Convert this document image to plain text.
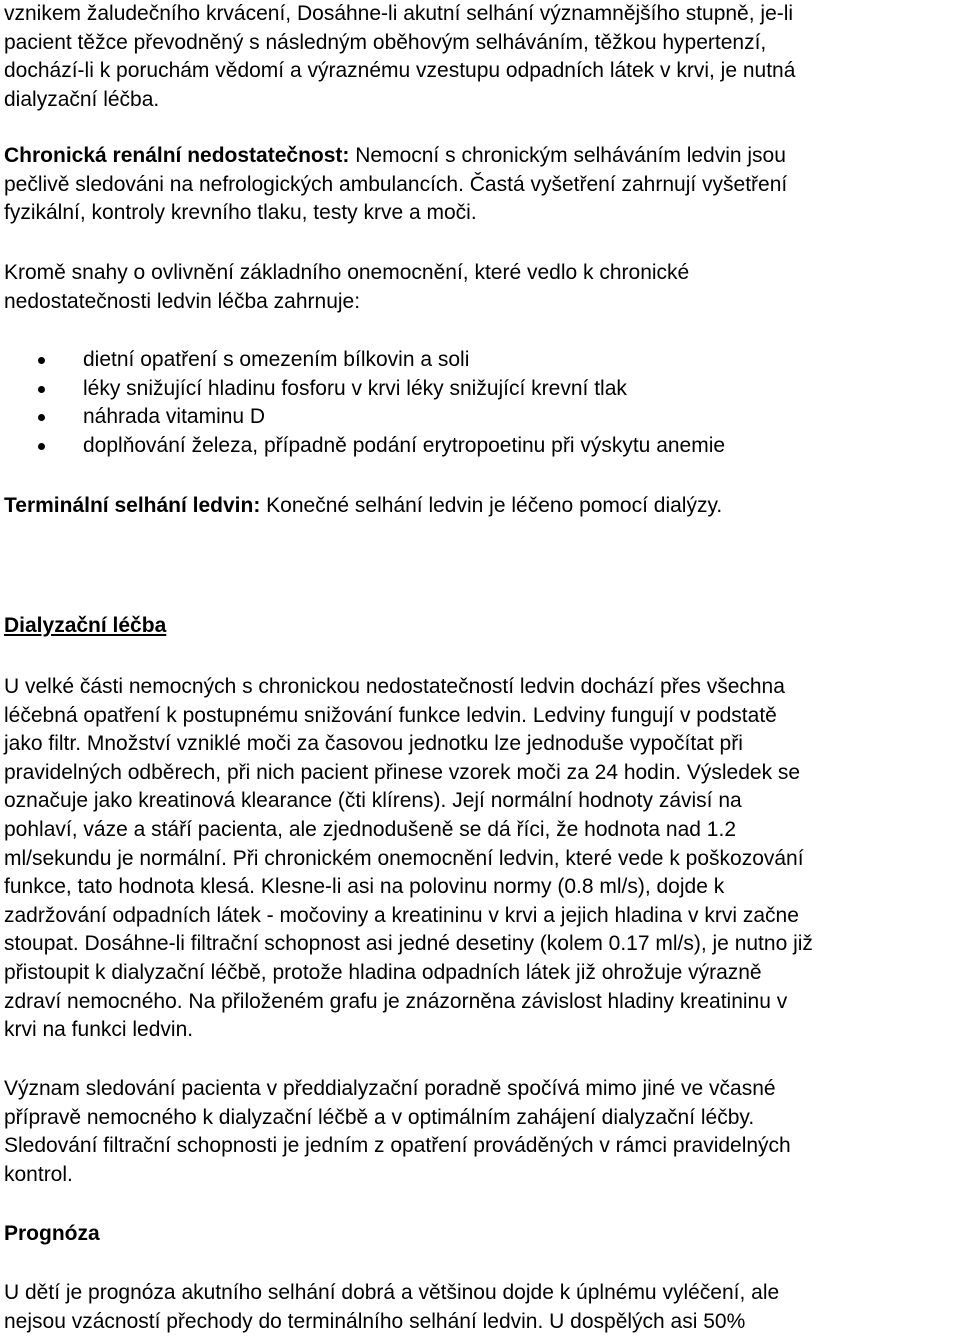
vznikem žaludečního krvácení, Dosáhne-li akutní selhání významnějšího stupně, je-li
pacient těžce převodněný s následným oběhovým selháváním, těžkou hypertenzí,
dochází-li k poruchám vědomí a výraznému vzestupu odpadních látek v krvi, je nutná
dialyzační léčba.

Chronická renální nedostatečnost: Nemocní s chronickým selháváním ledvin jsou
pečlivě sledováni na nefrologických ambulancích. Častá vyšetření zahrnují vyšetření
fyzikální, kontroly krevního tlaku, testy krve a moči.

Kromě snahy o ovlivnění základního onemocnění, které vedlo k chronické
nedostatečnosti ledvin léčba zahrnuje:

dietní opatření s omezením bílkovin a soli
léky snižující hladinu fosforu v krvi léky snižující krevní tlak
náhrada vitaminu D
doplňování železa, případně podání erytropoetinu při výskytu anemie

Terminální selhání ledvin: Konečné selhání ledvin je léčeno pomocí dialýzy.

Dialyzační léčba

U velké části nemocných s chronickou nedostatečností ledvin dochází přes všechna
léčebná opatření k postupnému snižování funkce ledvin. Ledviny fungují v podstatě
jako filtr. Množství vzniklé moči za časovou jednotku lze jednoduše vypočítat při
pravidelných odběrech, při nich pacient přinese vzorek moči za 24 hodin. Výsledek se
označuje jako kreatinová klearance (čti klírens). Její normální hodnoty závisí na
pohlaví, váze a stáří pacienta, ale zjednodušeně se dá říci, že hodnota nad 1.2
ml/sekundu je normální. Při chronickém onemocnění ledvin, které vede k poškozování
funkce, tato hodnota klesá. Klesne-li asi na polovinu normy (0.8 ml/s), dojde k
zadržování odpadních látek - močoviny a kreatininu v krvi a jejich hladina v krvi začne
stoupat. Dosáhne-li filtrační schopnost asi jedné desetiny (kolem 0.17 ml/s), je nutno již
přistoupit k dialyzační léčbě, protože hladina odpadních látek již ohrožuje výrazně
zdraví nemocného. Na přiloženém grafu je znázorněna závislost hladiny kreatininu v
krvi na funkci ledvin.

Význam sledování pacienta v předdialyzační poradně spočívá mimo jiné ve včasné
přípravě nemocného k dialyzační léčbě a v optimálním zahájení dialyzační léčby.
Sledování filtrační schopnosti je jedním z opatření prováděných v rámci pravidelných
kontrol.

Prognóza

U dětí je prognóza akutního selhání dobrá a většinou dojde k úplnému vyléčení, ale
nejsou vzácností přechody do terminálního selhání ledvin. U dospělých asi 50%
